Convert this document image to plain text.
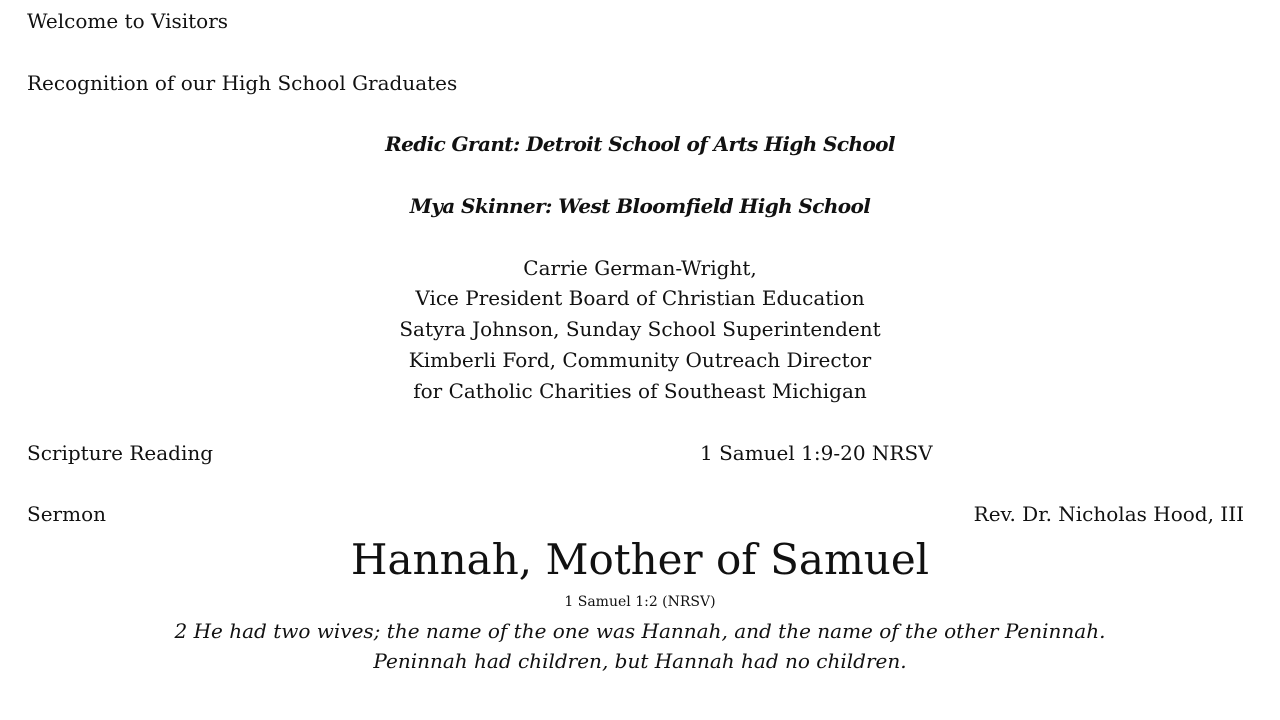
Welcome to Visitors
Recognition of our High School Graduates
Redic Grant: Detroit School of Arts High School
Mya Skinner: West Bloomfield High School
Carrie German-Wright,
Vice President Board of Christian Education
Satyra Johnson, Sunday School Superintendent
Kimberli Ford, Community Outreach Director
for Catholic Charities of Southeast Michigan
Scripture Reading	1 Samuel 1:9-20 NRSV
Sermon	Rev. Dr. Nicholas Hood, III
Hannah, Mother of Samuel
1 Samuel 1:2 (NRSV)
2 He had two wives; the name of the one was Hannah, and the name of the other Peninnah.
Peninnah had children, but Hannah had no children.
